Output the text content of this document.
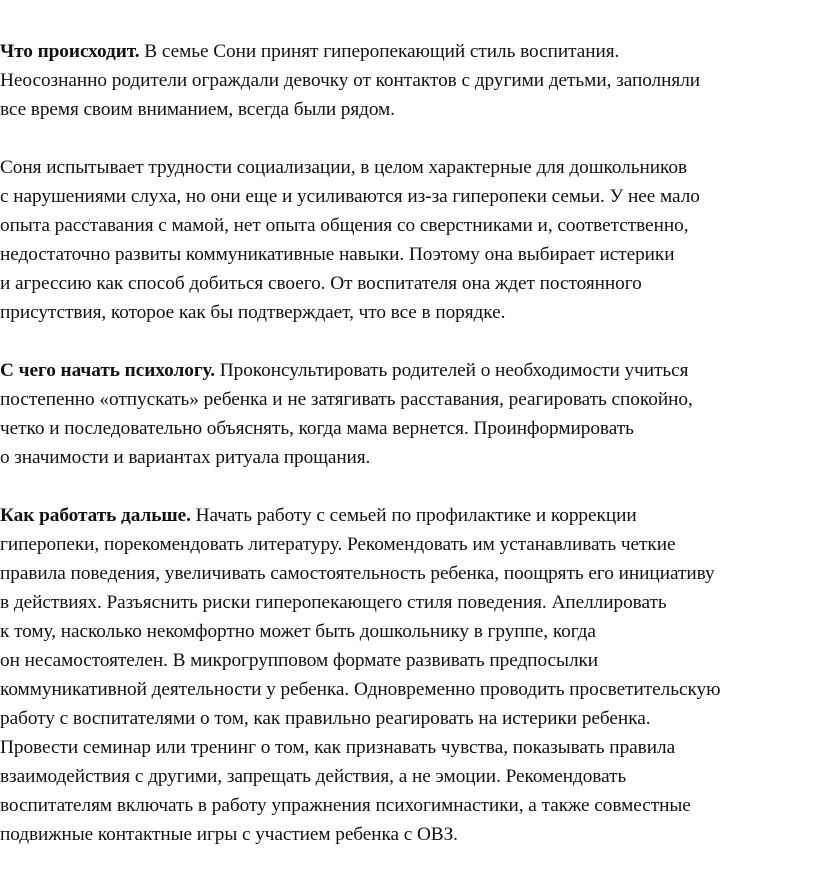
Что происходит. В семье Сони принят гиперопекающий стиль воспитания.
Неосознанно родители ограждали девочку от контактов с другими детьми, заполняли
все время своим вниманием, всегда были рядом.

Соня испытывает трудности социализации, в целом характерные для дошкольников
с нарушениями слуха, но они еще и усиливаются из-за гиперопеки семьи. У нее мало
опыта расставания с мамой, нет опыта общения со сверстниками и, соответственно,
недостаточно развиты коммуникативные навыки. Поэтому она выбирает истерики
и агрессию как способ добиться своего. От воспитателя она ждет постоянного
присутствия, которое как бы подтверждает, что все в порядке.

С чего начать психологу. Проконсультировать родителей о необходимости учиться
постепенно «отпускать» ребенка и не затягивать расставания, реагировать спокойно,
четко и последовательно объяснять, когда мама вернется. Проинформировать
о значимости и вариантах ритуала прощания.

Как работать дальше. Начать работу с семьей по профилактике и коррекции
гиперопеки, порекомендовать литературу. Рекомендовать им устанавливать четкие
правила поведения, увеличивать самостоятельность ребенка, поощрять его инициативу
в действиях. Разъяснить риски гиперопекающего стиля поведения. Апеллировать
к тому, насколько некомфортно может быть дошкольнику в группе, когда
он несамостоятелен. В микрогрупповом формате развивать предпосылки
коммуникативной деятельности у ребенка. Одновременно проводить просветительскую
работу с воспитателями о том, как правильно реагировать на истерики ребенка.
Провести семинар или тренинг о том, как признавать чувства, показывать правила
взаимодействия с другими, запрещать действия, а не эмоции. Рекомендовать
воспитателям включать в работу упражнения психогимнастики, а также совместные
подвижные контактные игры с участием ребенка с ОВЗ.
